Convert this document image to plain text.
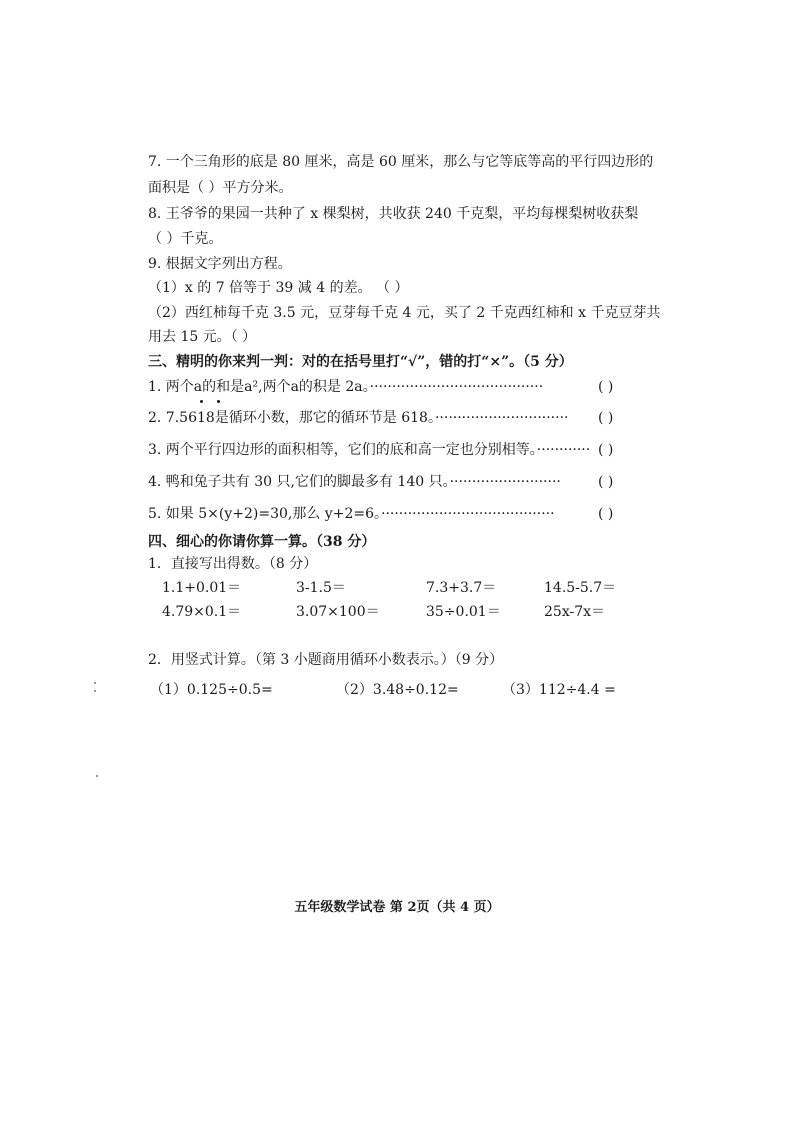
7. 一个三角形的底是 80 厘米，高是 60 厘米，那么与它等底等高的平行四边形的
面积是（ ）平方分米。
8. 王爷爷的果园一共种了 x 棵梨树，共收获 240 千克梨，平均每棵梨树收获梨
（ ）千克。
9. 根据文字列出方程。
（1）x 的 7 倍等于 39 减 4 的差。 （ ）
（2）西红柿每千克 3.5 元，豆芽每千克 4 元，买了 2 千克西红柿和 x 千克豆芽共
用去 15 元。（ ）
三、精明的你来判一判：对的在括号里打“√”，错的打“×”。（5 分）
1. 两个a的和是a²,两个a的积是 2a。·······································	( )
2. 7.5618是循环小数，那它的循环节是 618。······························ ( )
3. 两个平行四边形的面积相等，它们的底和高一定也分别相等。············ ( )
4. 鸭和兔子共有 30 只,它们的脚最多有 140 只。·························	( )
5. 如果 5×(y+2)=30,那么 y+2=6。·······································	( )
四、细心的你请你算一算。（38 分）
1．直接写出得数。（8 分）
1.1+0.01＝	3-1.5＝	7.3+3.7＝	14.5-5.7＝
4.79×0.1＝	3.07×100＝	35÷0.01＝	25x-7x＝
2．用竖式计算。（第 3 小题商用循环小数表示。）（9 分）
（1）0.125÷0.5=	（2）3.48÷0.12=	（3）112÷4.4 =
五年级数学试卷 第 2页（共 4 页）
